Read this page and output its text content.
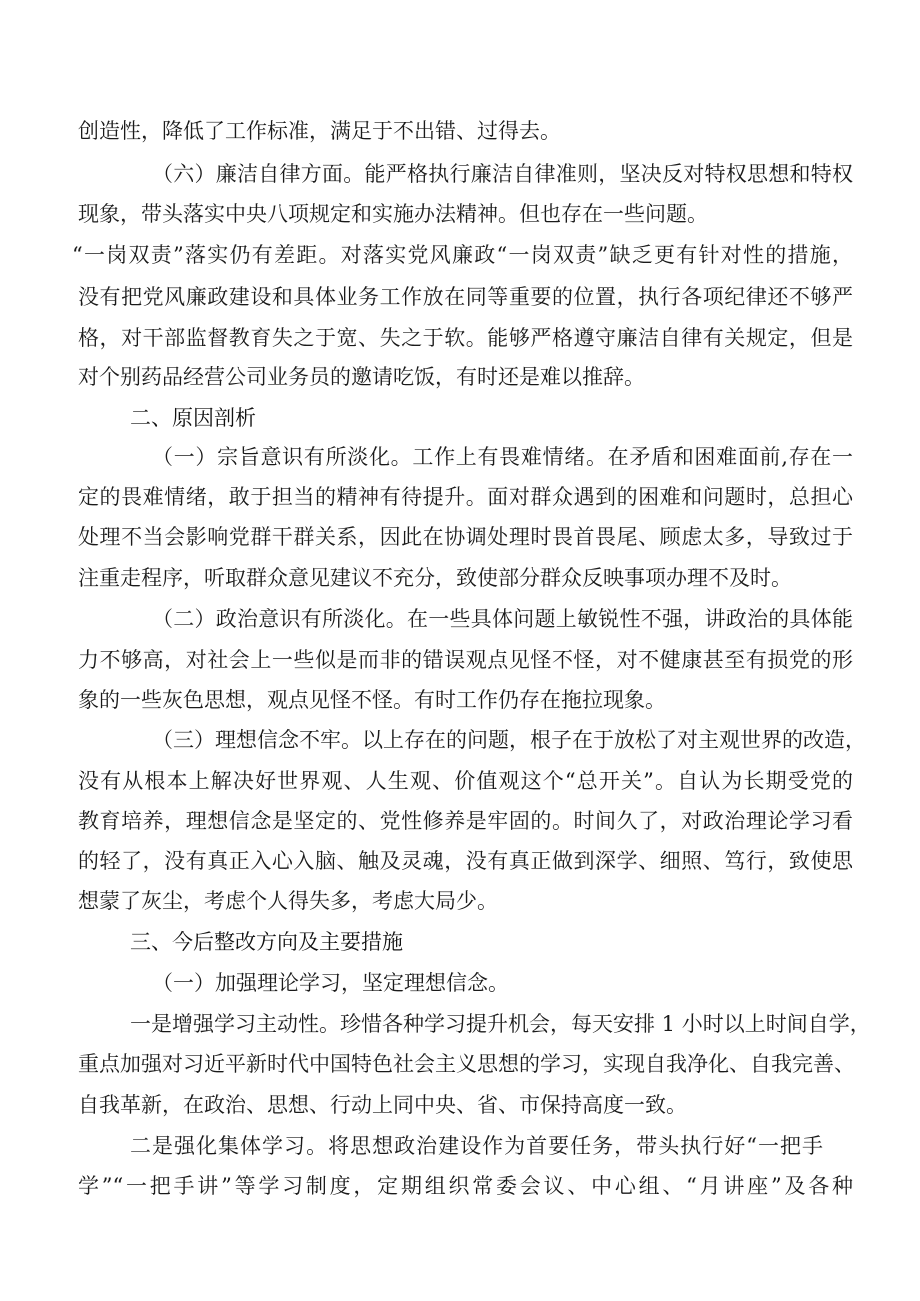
创造性，降低了工作标准，满足于不出错、过得去。

（六）廉洁自律方面。能严格执行廉洁自律准则，坚决反对特权思想和特权

现象，带头落实中央八项规定和实施办法精神。但也存在一些问题。

“一岗双责”落实仍有差距。对落实党风廉政“一岗双责”缺乏更有针对性的措施，

没有把党风廉政建设和具体业务工作放在同等重要的位置，执行各项纪律还不够严

格，对干部监督教育失之于宽、失之于软。能够严格遵守廉洁自律有关规定，但是

对个别药品经营公司业务员的邀请吃饭，有时还是难以推辞。

二、原因剖析

（一）宗旨意识有所淡化。工作上有畏难情绪。在矛盾和困难面前,存在一

定的畏难情绪，敢于担当的精神有待提升。面对群众遇到的困难和问题时，总担心

处理不当会影响党群干群关系，因此在协调处理时畏首畏尾、顾虑太多，导致过于

注重走程序，听取群众意见建议不充分，致使部分群众反映事项办理不及时。

（二）政治意识有所淡化。在一些具体问题上敏锐性不强，讲政治的具体能

力不够高，对社会上一些似是而非的错误观点见怪不怪，对不健康甚至有损党的形

象的一些灰色思想，观点见怪不怪。有时工作仍存在拖拉现象。

（三）理想信念不牢。以上存在的问题，根子在于放松了对主观世界的改造，

没有从根本上解决好世界观、人生观、价值观这个“总开关”。自认为长期受党的

教育培养，理想信念是坚定的、党性修养是牢固的。时间久了，对政治理论学习看

的轻了，没有真正入心入脑、触及灵魂，没有真正做到深学、细照、笃行，致使思

想蒙了灰尘，考虑个人得失多，考虑大局少。

三、今后整改方向及主要措施

（一）加强理论学习，坚定理想信念。

一是增强学习主动性。珍惜各种学习提升机会，每天安排 1 小时以上时间自学，

重点加强对习近平新时代中国特色社会主义思想的学习，实现自我净化、自我完善、

自我革新，在政治、思想、行动上同中央、省、市保持高度一致。

二是强化集体学习。将思想政治建设作为首要任务，带头执行好“一把手

学”“一把手讲”等学习制度，定期组织常委会议、中心组、“月讲座”及各种
